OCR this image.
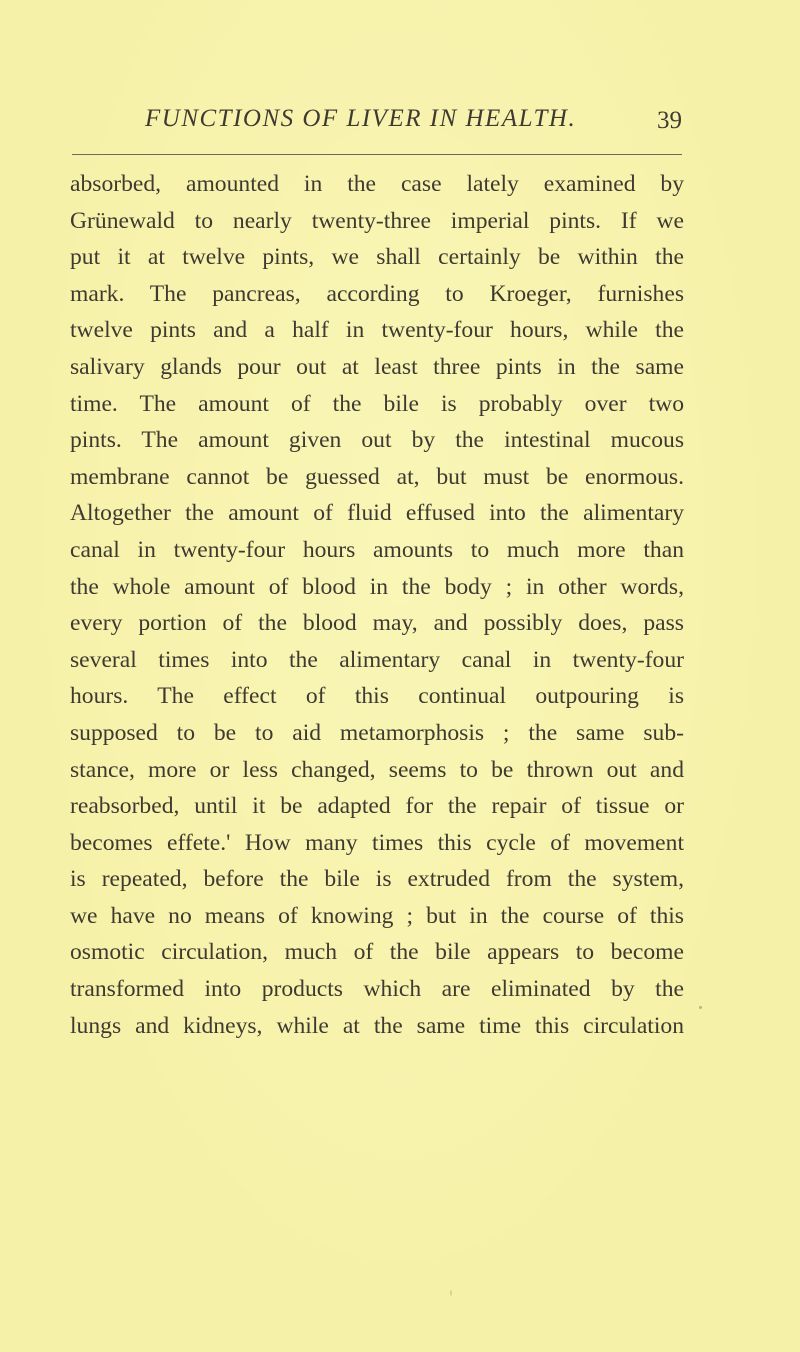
FUNCTIONS OF LIVER IN HEALTH.	39
absorbed, amounted in the case lately examined by
Grünewald to nearly twenty-three imperial pints. If we
put it at twelve pints, we shall certainly be within the
mark. The pancreas, according to Kroeger, furnishes
twelve pints and a half in twenty-four hours, while the
salivary glands pour out at least three pints in the same
time. The amount of the bile is probably over two
pints. The amount given out by the intestinal mucous
membrane cannot be guessed at, but must be enormous.
Altogether the amount of fluid effused into the alimentary
canal in twenty-four hours amounts to much more than
the whole amount of blood in the body ; in other words,
every portion of the blood may, and possibly does, pass
several times into the alimentary canal in twenty-four
hours. The effect of this continual outpouring is
supposed to be to aid metamorphosis ; the same sub-
stance, more or less changed, seems to be thrown out and
reabsorbed, until it be adapted for the repair of tissue or
becomes effete.' How many times this cycle of movement
is repeated, before the bile is extruded from the system,
we have no means of knowing ; but in the course of this
osmotic circulation, much of the bile appears to become
transformed into products which are eliminated by the
lungs and kidneys, while at the same time this circulation
